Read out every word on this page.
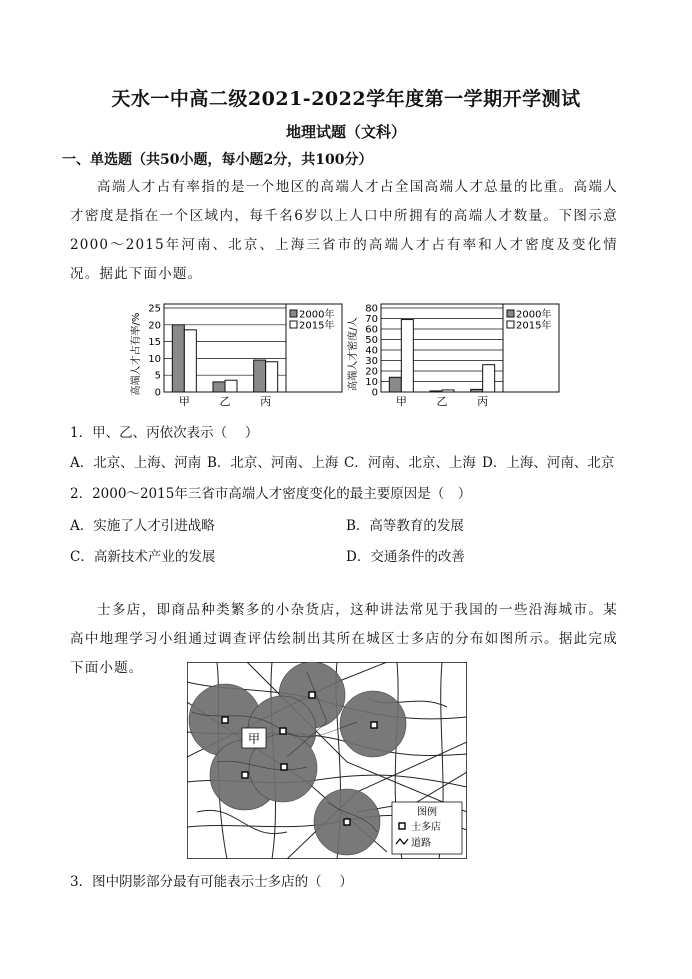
天水一中高二级2021-2022学年度第一学期开学测试
地理试题（文科）
一、单选题（共50小题，每小题2分，共100分）
高端人才占有率指的是一个地区的高端人才占全国高端人才总量的比重。高端人才密度是指在一个区域内，每千名6岁以上人口中所拥有的高端人才数量。下图示意2000～2015年河南、北京、上海三省市的高端人才占有率和人才密度及变化情况。据此下面小题。
0
5
10
15
20
25
高端人才占有率/%
甲	乙	丙
2000年
2015年
0
10
20
30
40
50
60
70
80
高端人才密度/人
甲	乙	丙
2000年
2015年
1．甲、乙、丙依次表示（　 ）
A．北京、上海、河南 B．北京、河南、上海 C．河南、北京、上海 D．上海、河南、北京
2．2000～2015年三省市高端人才密度变化的最主要原因是（　）
A．实施了人才引进战略	B．高等教育的发展
C．高新技术产业的发展	D．交通条件的改善
士多店，即商品种类繁多的小杂货店，这种讲法常见于我国的一些沿海城市。某高中地理学习小组通过调查评估绘制出其所在城区士多店的分布如图所示。据此完成下面小题。
甲
图例
士多店
道路
3．图中阴影部分最有可能表示士多店的（　 ）
